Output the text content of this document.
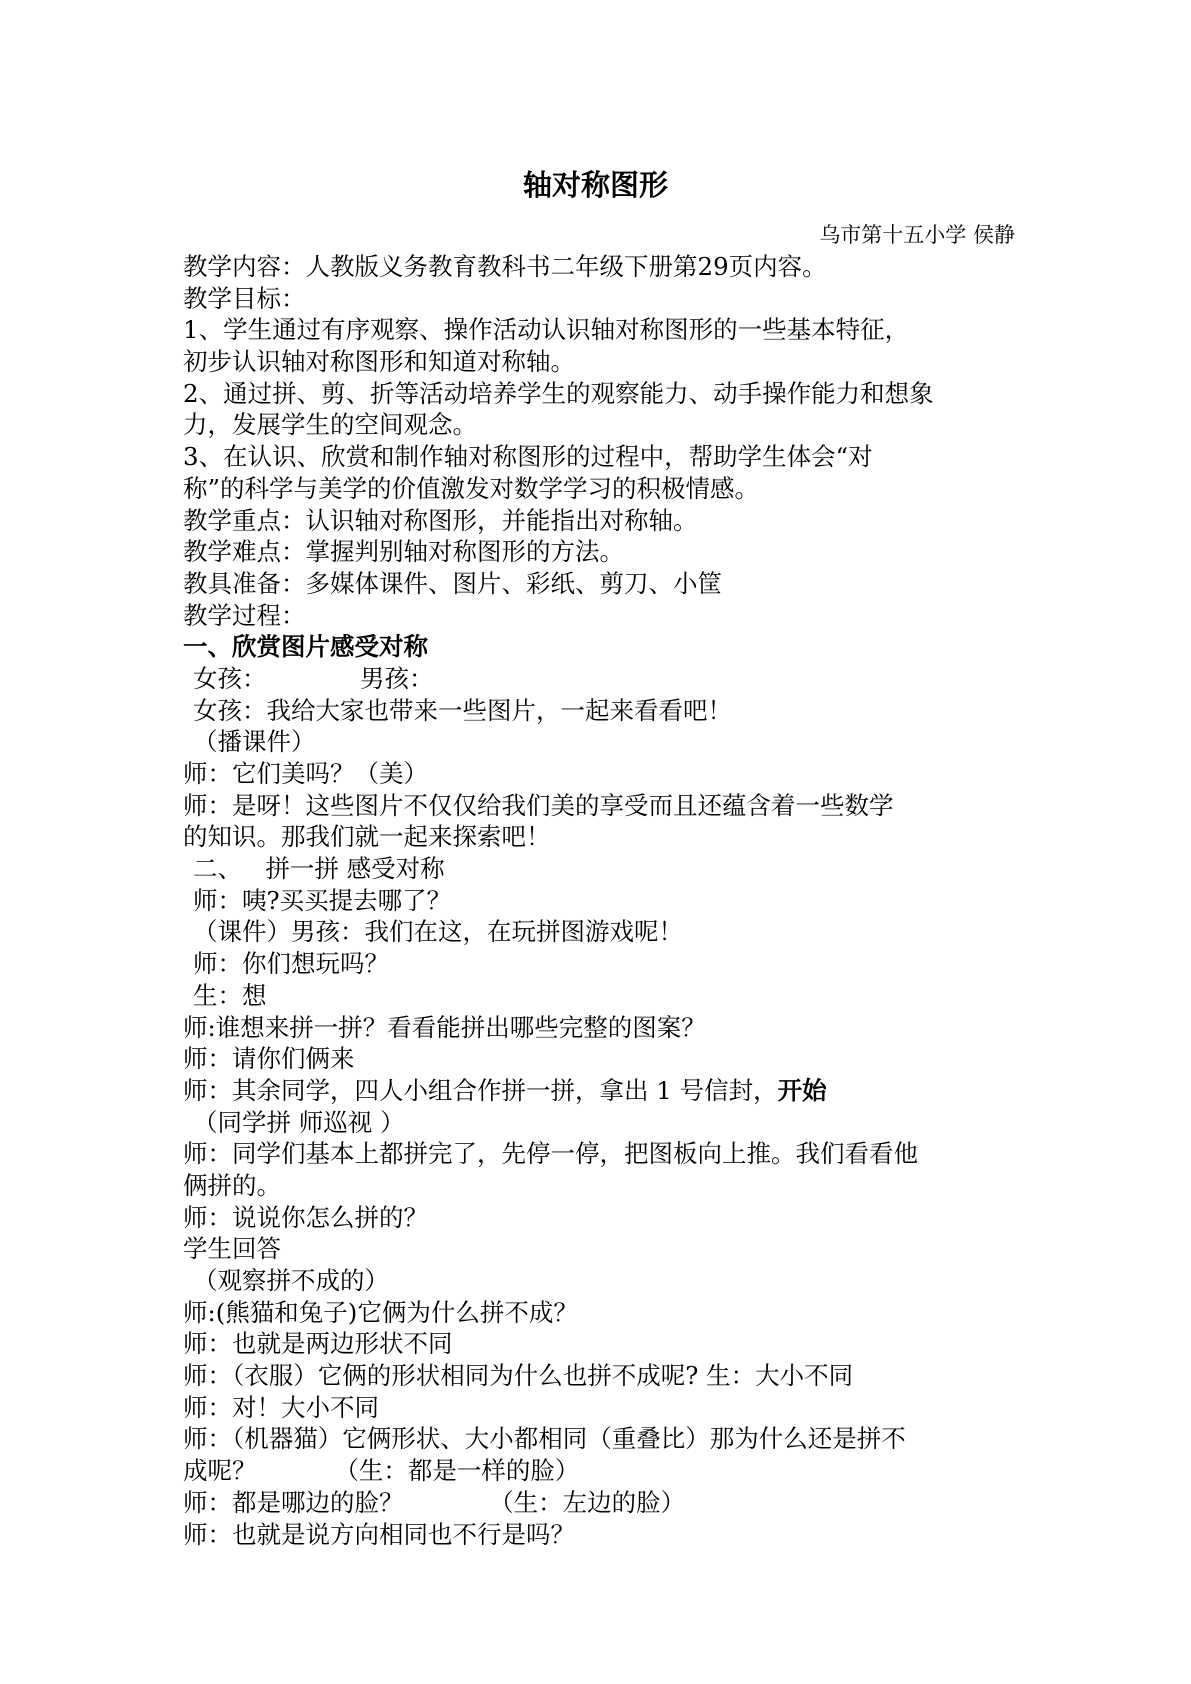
轴对称图形
乌市第十五小学 侯静
教学内容：人教版义务教育教科书二年级下册第29页内容。
教学目标：
1、学生通过有序观察、操作活动认识轴对称图形的一些基本特征，
初步认识轴对称图形和知道对称轴。
2、通过拼、剪、折等活动培养学生的观察能力、动手操作能力和想象
力，发展学生的空间观念。
3、在认识、欣赏和制作轴对称图形的过程中，帮助学生体会“对
称”的科学与美学的价值激发对数学学习的积极情感。
教学重点：认识轴对称图形，并能指出对称轴。
教学难点：掌握判别轴对称图形的方法。
教具准备：多媒体课件、图片、彩纸、剪刀、小筐
教学过程：
一、欣赏图片感受对称
女孩：            男孩：
女孩：我给大家也带来一些图片，一起来看看吧！
（播课件）
师：它们美吗？（美）
师：是呀！这些图片不仅仅给我们美的享受而且还蕴含着一些数学
的知识。那我们就一起来探索吧！
二、   拼一拼 感受对称
师：咦?买买提去哪了？
（课件）男孩：我们在这，在玩拼图游戏呢！
师：你们想玩吗？
生：想
师:谁想来拼一拼？看看能拼出哪些完整的图案？
师：请你们俩来
师：其余同学，四人小组合作拼一拼，拿出 1 号信封，开始
（同学拼 师巡视 ）
师：同学们基本上都拼完了，先停一停，把图板向上推。我们看看他
俩拼的。
师：说说你怎么拼的？
学生回答
（观察拼不成的）
师:(熊猫和兔子)它俩为什么拼不成？
师：也就是两边形状不同
师：（衣服）它俩的形状相同为什么也拼不成呢? 生：大小不同
师：对！大小不同
师：（机器猫）它俩形状、大小都相同（重叠比）那为什么还是拼不
成呢？          （生：都是一样的脸）
师：都是哪边的脸？           （生：左边的脸）
师：也就是说方向相同也不行是吗？
